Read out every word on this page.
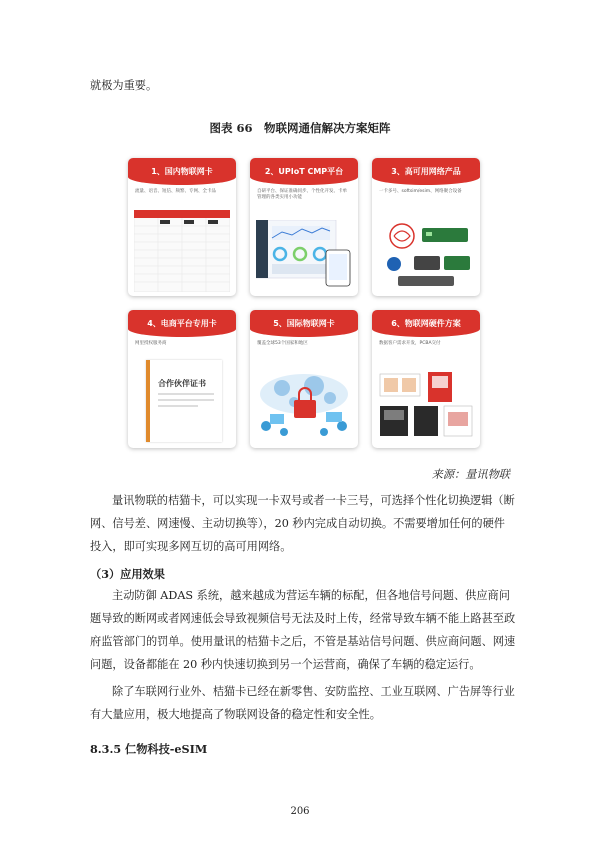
就极为重要。

图表 66　物联网通信解决方案矩阵
1、国内物联网卡
流量、语音、短信、频繁、专网、全卡品
2、UPIoT CMP平台
自研平台、保证准确同步、个性化开发、卡单管理的各类实用小功能
3、高可用网络产品
一卡多号、softsim/esim、网络聚合设备
4、电商平台专用卡
网里授权服务商
合作伙伴证书
5、国际物联网卡
覆盖全球53个国家和地区
6、物联网硬件方案
数据客户需求开发，PCBA交付
来源：量讯物联

量讯物联的桔猫卡，可以实现一卡双号或者一卡三号，可选择个性化切换逻辑（断网、信号差、网速慢、主动切换等），20 秒内完成自动切换。不需要增加任何的硬件投入，即可实现多网互切的高可用网络。

（3）应用效果

主动防御 ADAS 系统，越来越成为营运车辆的标配，但各地信号问题、供应商问题导致的断网或者网速低会导致视频信号无法及时上传，经常导致车辆不能上路甚至政府监管部门的罚单。使用量讯的桔猫卡之后，不管是基站信号问题、供应商问题、网速问题，设备都能在 20 秒内快速切换到另一个运营商，确保了车辆的稳定运行。

除了车联网行业外、桔猫卡已经在新零售、安防监控、工业互联网、广告屏等行业有大量应用，极大地提高了物联网设备的稳定性和安全性。

8.3.5 仁物科技-eSIM
206
